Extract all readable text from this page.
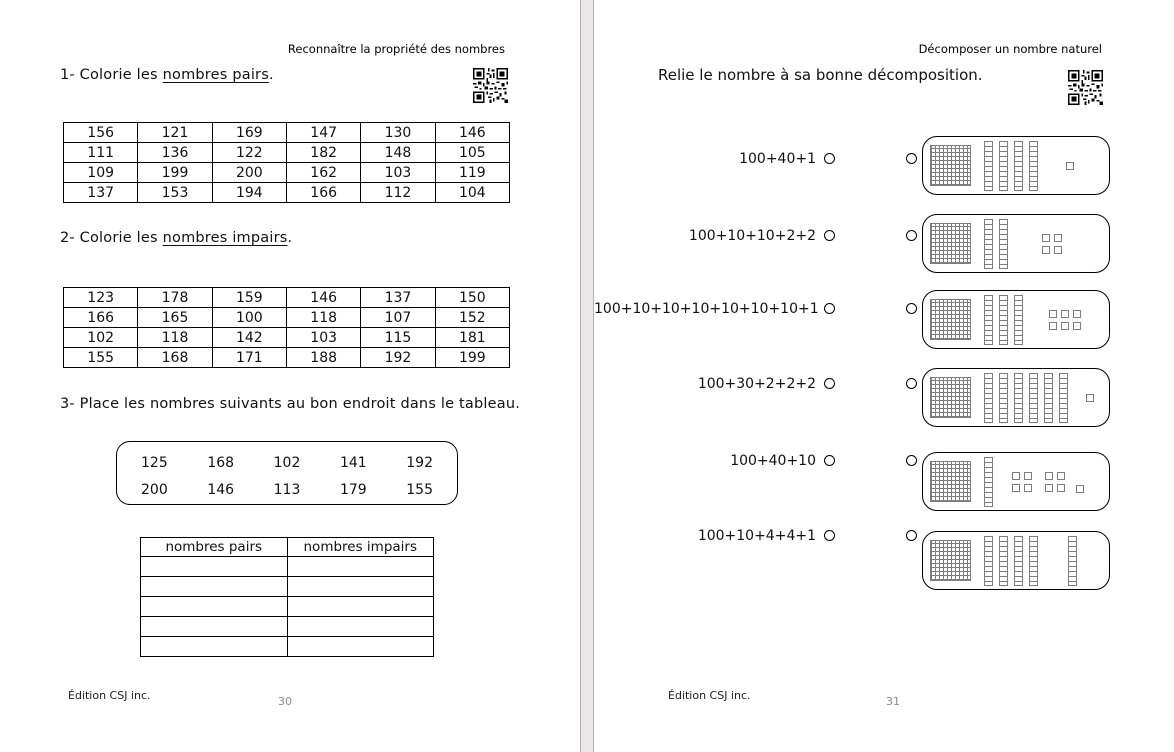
Reconnaître la propriété des nombres
1- Colorie les nombres pairs.
156	121	169	147	130	146
111	136	122	182	148	105
109	199	200	162	103	119
137	153	194	166	112	104
2- Colorie les nombres impairs.
123	178	159	146	137	150
166	165	100	118	107	152
102	118	142	103	115	181
155	168	171	188	192	199
3- Place les nombres suivants au bon endroit dans le tableau.
125	168	102	141	192
200	146	113	179	155
nombres pairs	nombres impairs

Édition CSJ inc.	30
Décomposer un nombre naturel
Relie le nombre à sa bonne décomposition.
100+40+1
100+10+10+2+2
100+10+10+10+10+10+10+1
100+30+2+2+2
100+40+10
100+10+4+4+1
Édition CSJ inc.	31
